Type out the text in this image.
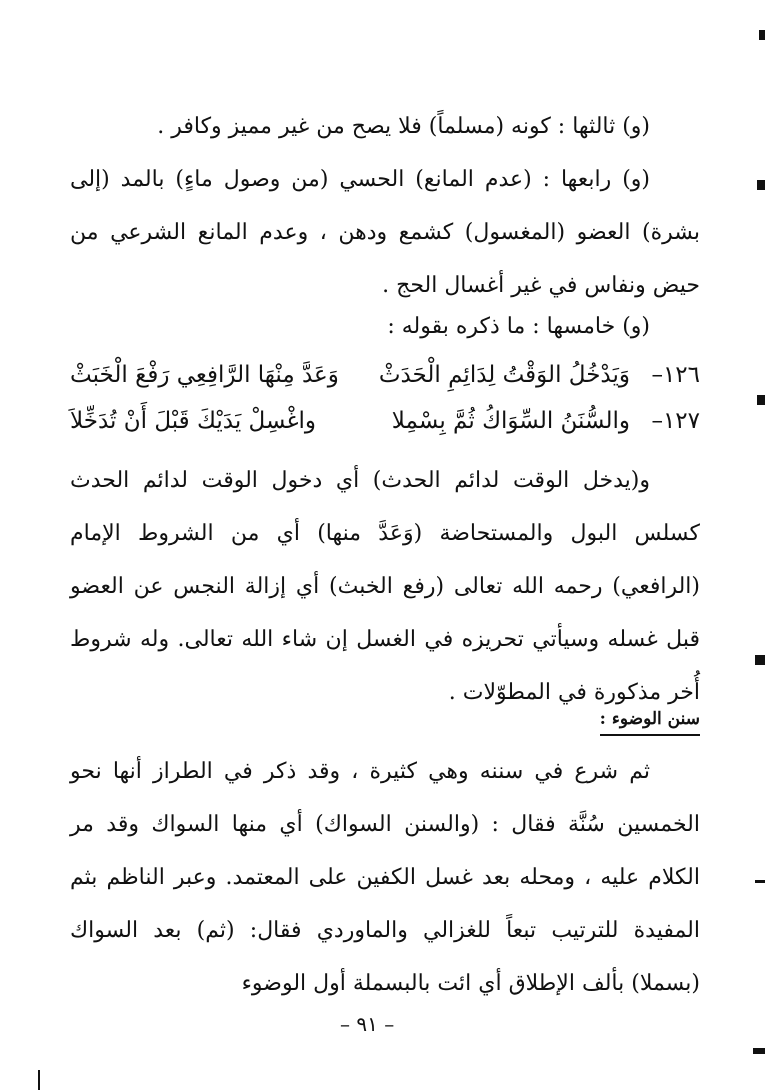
(و) ثالثها : كونه (مسلماً) فلا يصح من غير مميز وكافر .

(و) رابعها : (عدم المانع) الحسي (من وصول ماءٍ) بالمد (إلى بشرة) العضو (المغسول) كشمع ودهن ، وعدم المانع الشرعي من حيض ونفاس في غير أغسال الحج .

(و) خامسها : ما ذكره بقوله :

١٢٦–
وَيَدْخُلُ الوَقْتُ لِدَائِمِ الْحَدَثْ
وَعَدَّ مِنْهَا الرَّافِعِي رَفْعَ الْخَبَثْ
١٢٧–
والسُّنَنُ السِّوَاكُ ثُمَّ بِسْمِلا
واغْسِلْ يَدَيْكَ قَبْلَ أَنْ تُدَخِّلاَ

و(يدخل الوقت لدائم الحدث) أي دخول الوقت لدائم الحدث كسلس البول والمستحاضة (وَعَدَّ منها) أي من الشروط الإمام (الرافعي) رحمه الله تعالى (رفع الخبث) أي إزالة النجس عن العضو قبل غسله وسيأتي تحريزه في الغسل إن شاء الله تعالى. وله شروط أُخر مذكورة في المطوّلات .

سنن الوضوء :

ثم شرع في سننه وهي كثيرة ، وقد ذكر في الطراز أنها نحو الخمسين سُنَّة فقال : (والسنن السواك) أي منها السواك وقد مر الكلام عليه ، ومحله بعد غسل الكفين على المعتمد. وعبر الناظم بثم المفيدة للترتيب تبعاً للغزالي والماوردي فقال: (ثم) بعد السواك (بسملا) بألف الإطلاق أي ائت بالبسملة أول الوضوء

– ٩١ –
